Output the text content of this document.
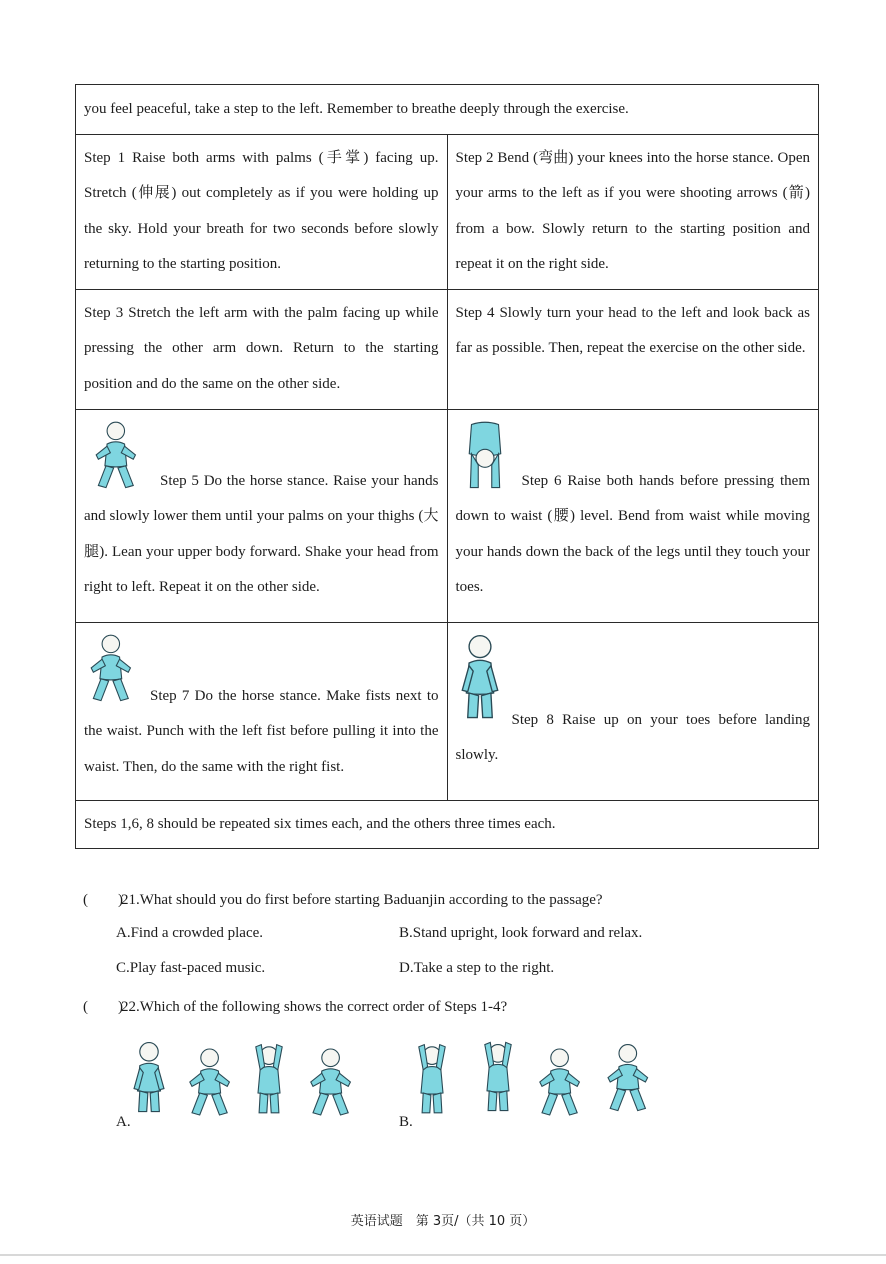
you feel peaceful, take a step to the left. Remember to breathe deeply through the exercise.	
Step 1 Raise both arms with palms (手掌) facing up. Stretch (伸展) out completely as if you were holding up the sky. Hold your breath for two seconds before slowly returning to the starting position.	Step 2 Bend (弯曲) your knees into the horse stance. Open your arms to the left as if you were shooting arrows (箭) from a bow. Slowly return to the starting position and repeat it on the right side.
Step 3 Stretch the left arm with the palm facing up while pressing the other arm down. Return to the starting position and do the same on the other side.	Step 4 Slowly turn your head to the left and look back as far as possible. Then, repeat the exercise on the other side.

Step 5 Do the horse stance. Raise your hands and slowly lower them until your palms on your thighs (大腿). Lean your upper body forward. Shake your head from right to left. Repeat it on the other side.	Step 6 Raise both hands before pressing them down to waist (腰) level. Bend from waist while moving your hands down the back of the legs until they touch your toes.

Step 7 Do the horse stance. Make fists next to the waist. Punch with the left fist before pulling it into the waist. Then, do the same with the right fist.	Step 8 Raise up on your toes before landing slowly.
Steps 1,6, 8 should be repeated six times each, and the others three times each.	
(　　)21.What should you do first before starting Baduanjin according to the passage?
A.Find a crowded place.	B.Stand upright, look forward and relax.
C.Play fast-paced music.	D.Take a step to the right.
(　　)22.Which of the following shows the correct order of Steps 1-4?
A.	B.
英语试题　第 3页/（共 10 页）
